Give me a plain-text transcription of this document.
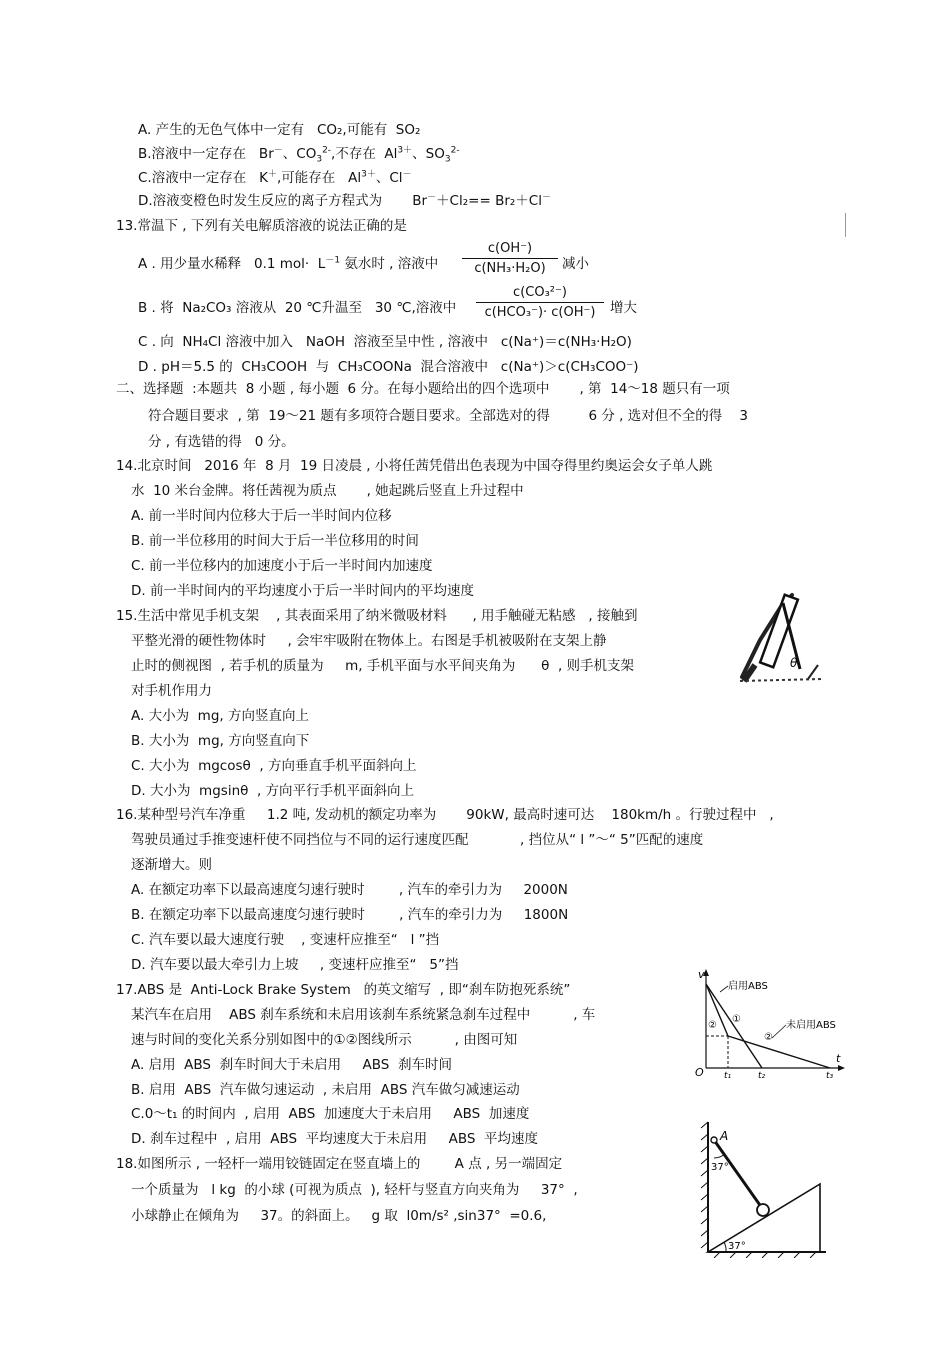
A. 产生的无色气体中一定有   CO₂,可能有  SO₂
B.溶液中一定存在   Br－、$CO_3^{2-}$,不存在  $Al^{3+}$、$SO_3^{2-}$
C.溶液中一定存在   K＋,可能存在   $Al^{3+}$、Cl－
D.溶液变橙色时发生反应的离子方程式为       Br－＋Cl₂== Br₂＋Cl－
13.常温下 , 下列有关电解质溶液的说法正确的是
A . 用少量水稀释   0.1 $mol\cdot L^{-1}$ 氨水时 , 溶液中
c(OH⁻)
c(NH₃·H₂O)	减小
B . 将  Na₂CO₃ 溶液从  20 ℃升温至   30 ℃,溶液中
c(CO₃²⁻)
c(HCO₃⁻)· c(OH⁻)	增大
C . 向  NH₄Cl 溶液中加入   NaOH  溶液至呈中性 , 溶液中   c(Na⁺)＝c(NH₃·H₂O)
D . pH＝5.5 的  CH₃COOH  与  CH₃COONa  混合溶液中   c(Na⁺)＞c(CH₃COO⁻)
二、选择题  :本题共  8 小题 , 每小题  6 分。在每小题给出的四个选项中       , 第  14～18 题只有一项
符合题目要求  , 第  19～21 题有多项符合题目要求。全部选对的得         6 分 , 选对但不全的得    3
分 , 有选错的得   0 分。
14.北京时间   2016 年  8 月  19 日凌晨 , 小将任茜凭借出色表现为中国夺得里约奥运会女子单人跳
水  10 米台金牌。将任茜视为质点       , 她起跳后竖直上升过程中
A. 前一半时间内位移大于后一半时间内位移
B. 前一半位移用的时间大于后一半位移用的时间
C. 前一半位移内的加速度小于后一半时间内加速度
D. 前一半时间内的平均速度小于后一半时间内的平均速度
15.生活中常见手机支架    , 其表面采用了纳米微吸材料      , 用手触碰无粘感   , 接触到
平整光滑的硬性物体时     , 会牢牢吸附在物体上。右图是手机被吸附在支架上静
止时的侧视图  , 若手机的质量为     m, 手机平面与水平间夹角为      θ  , 则手机支架
对手机作用力
A. 大小为  mg, 方向竖直向上
B. 大小为  mg, 方向竖直向下
C. 大小为  mgcosθ  , 方向垂直手机平面斜向上
D. 大小为  mgsinθ  , 方向平行手机平面斜向上
θ
16.某种型号汽车净重     1.2 吨, 发动机的额定功率为       90kW, 最高时速可达    180km/h 。行驶过程中   ,
驾驶员通过手推变速杆使不同挡位与不同的运行速度匹配            , 挡位从“ l ”～“ 5”匹配的速度
逐渐增大。则
A. 在额定功率下以最高速度匀速行驶时        , 汽车的牵引力为     2000N
B. 在额定功率下以最高速度匀速行驶时        , 汽车的牵引力为     1800N
C. 汽车要以最大速度行驶    , 变速杆应推至“   l ”挡
D. 汽车要以最大牵引力上坡     , 变速杆应推至“   5”挡
17.ABS 是  Anti-Lock Brake System   的英文缩写  , 即“刹车防抱死系统”
某汽车在启用    ABS 刹车系统和未启用该刹车系统紧急刹车过程中          , 车
速与时间的变化关系分别如图中的①②图线所示          , 由图可知
A. 启用  ABS  刹车时间大于未启用     ABS  刹车时间
B. 启用  ABS  汽车做匀速运动  , 未启用  ABS 汽车做匀减速运动
C.0～t₁ 的时间内  , 启用  ABS  加速度大于未启用     ABS  加速度
D. 刹车过程中  , 启用  ABS  平均速度大于未启用     ABS  平均速度
v
t
O
启用ABS
未启用ABS
①
②
②
t₁	t₂	t₃
18.如图所示 , 一轻杆一端用铰链固定在竖直墙上的        A 点 , 另一端固定
一个质量为   l kg  的小球 (可视为质点  ), 轻杆与竖直方向夹角为     37°  ,
小球静止在倾角为     37。的斜面上。   g 取  l0m/s² ,sin37°  =0.6,
A
37°
37°
